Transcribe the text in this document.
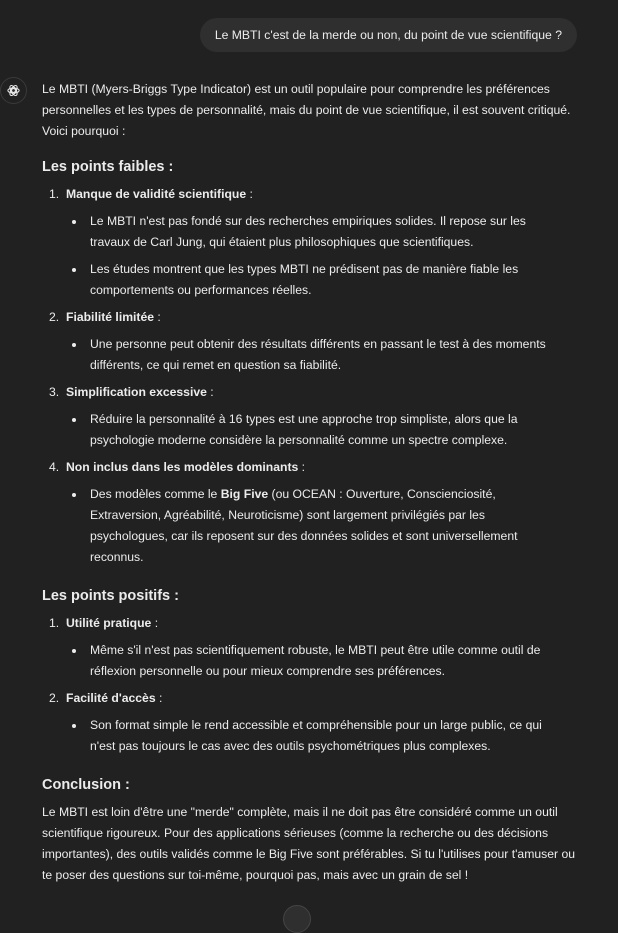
Le MBTI c'est de la merde ou non, du point de vue scientifique ?

Le MBTI (Myers-Briggs Type Indicator) est un outil populaire pour comprendre les préférences personnelles et les types de personnalité, mais du point de vue scientifique, il est souvent critiqué. Voici pourquoi :

Les points faibles :
1. Manque de validité scientifique :
Le MBTI n'est pas fondé sur des recherches empiriques solides. Il repose sur les travaux de Carl Jung, qui étaient plus philosophiques que scientifiques.
Les études montrent que les types MBTI ne prédisent pas de manière fiable les comportements ou performances réelles.
2. Fiabilité limitée :
Une personne peut obtenir des résultats différents en passant le test à des moments différents, ce qui remet en question sa fiabilité.
3. Simplification excessive :
Réduire la personnalité à 16 types est une approche trop simpliste, alors que la psychologie moderne considère la personnalité comme un spectre complexe.
4. Non inclus dans les modèles dominants :
Des modèles comme le Big Five (ou OCEAN : Ouverture, Conscienciosité, Extraversion, Agréabilité, Neuroticisme) sont largement privilégiés par les psychologues, car ils reposent sur des données solides et sont universellement reconnus.
Les points positifs :
1. Utilité pratique :
Même s'il n'est pas scientifiquement robuste, le MBTI peut être utile comme outil de réflexion personnelle ou pour mieux comprendre ses préférences.
2. Facilité d'accès :
Son format simple le rend accessible et compréhensible pour un large public, ce qui n'est pas toujours le cas avec des outils psychométriques plus complexes.
Conclusion :

Le MBTI est loin d'être une "merde" complète, mais il ne doit pas être considéré comme un outil scientifique rigoureux. Pour des applications sérieuses (comme la recherche ou des décisions importantes), des outils validés comme le Big Five sont préférables. Si tu l'utilises pour t'amuser ou te poser des questions sur toi-même, pourquoi pas, mais avec un grain de sel !
